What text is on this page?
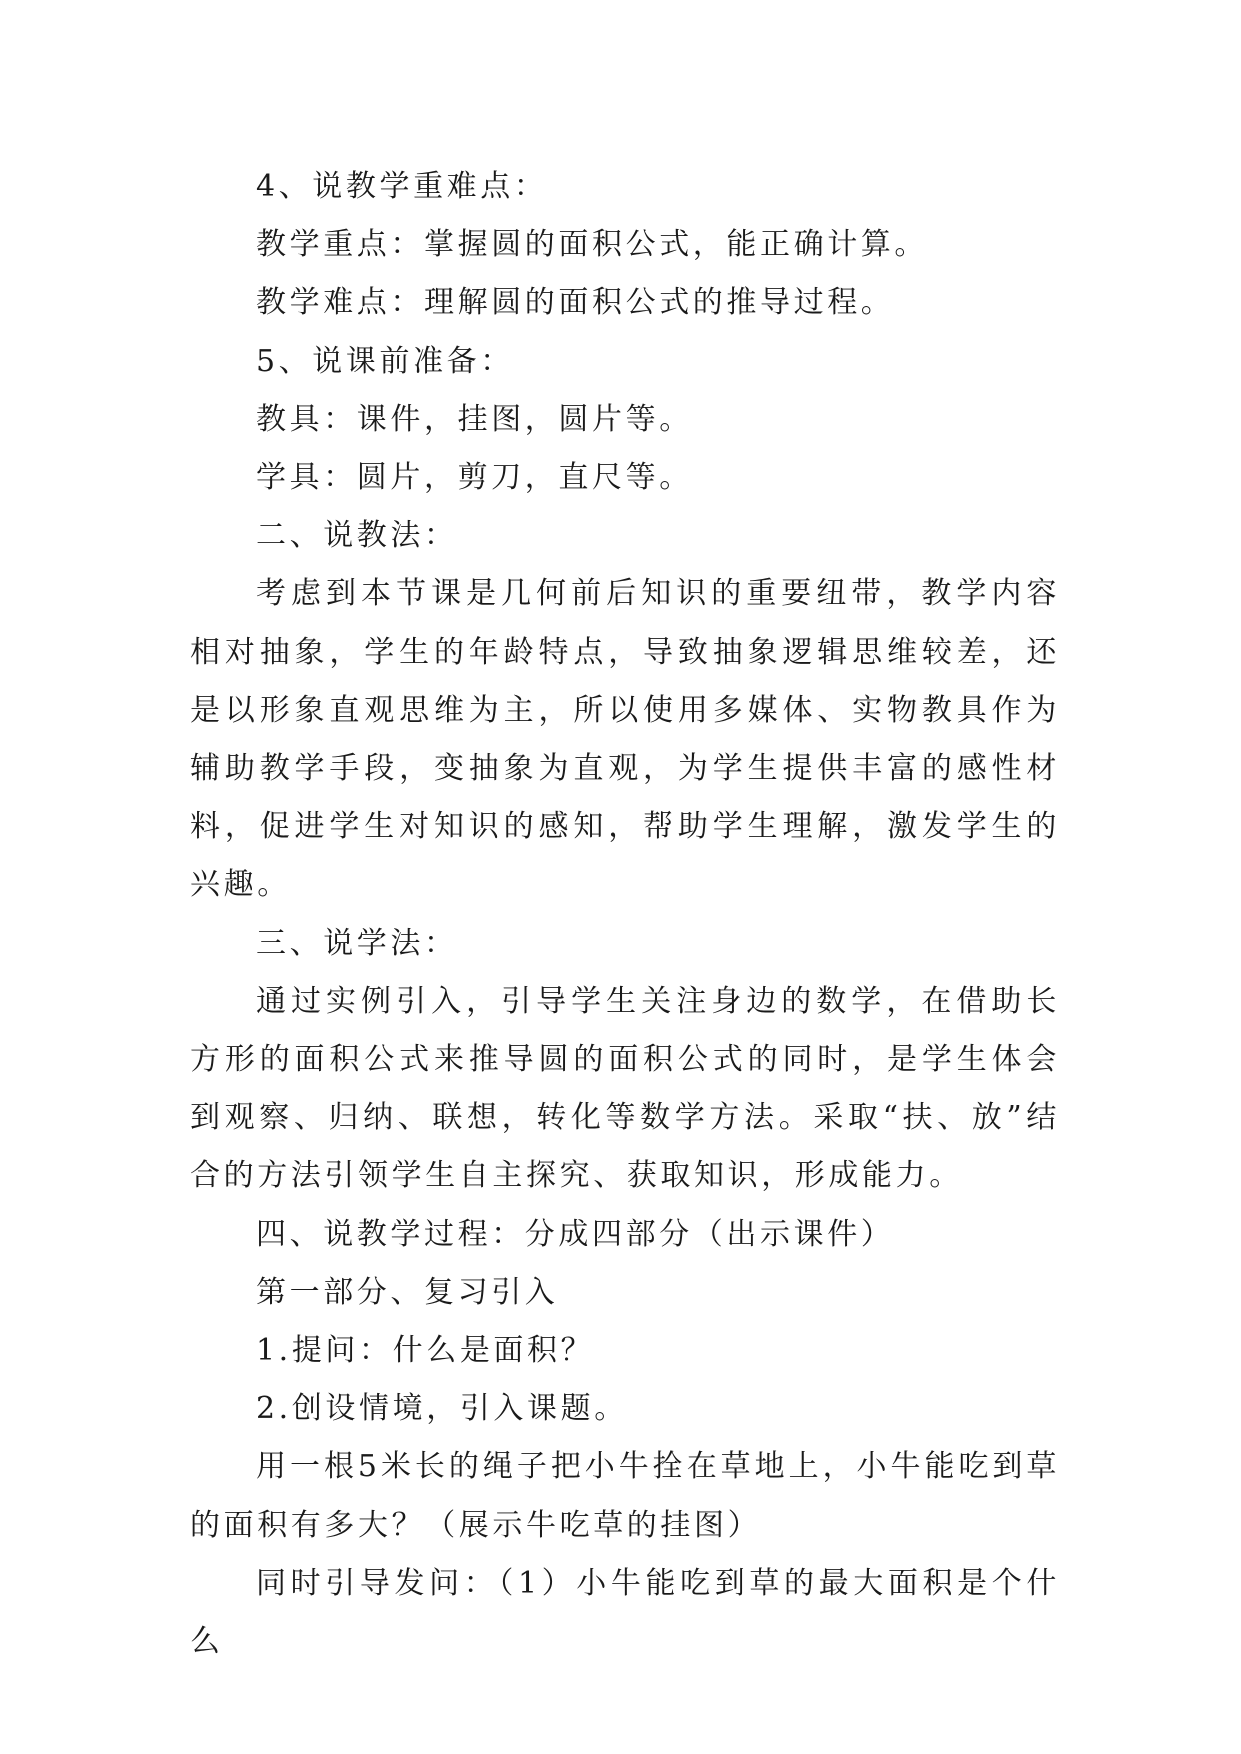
4、说教学重难点：

教学重点：掌握圆的面积公式，能正确计算。

教学难点：理解圆的面积公式的推导过程。

5、说课前准备：

教具：课件，挂图，圆片等。

学具：圆片，剪刀，直尺等。

二、说教法：

考虑到本节课是几何前后知识的重要纽带，教学内容相对抽象，学生的年龄特点，导致抽象逻辑思维较差，还是以形象直观思维为主，所以使用多媒体、实物教具作为辅助教学手段，变抽象为直观，为学生提供丰富的感性材料，促进学生对知识的感知，帮助学生理解，激发学生的兴趣。

三、说学法：

通过实例引入，引导学生关注身边的数学，在借助长方形的面积公式来推导圆的面积公式的同时，是学生体会到观察、归纳、联想，转化等数学方法。采取“扶、放”结合的方法引领学生自主探究、获取知识，形成能力。

四、说教学过程：分成四部分（出示课件）

第一部分、复习引入

1.提问：什么是面积？

2.创设情境，引入课题。

用一根5米长的绳子把小牛拴在草地上，小牛能吃到草的面积有多大？（展示牛吃草的挂图）

同时引导发问：（1）小牛能吃到草的最大面积是个什么
